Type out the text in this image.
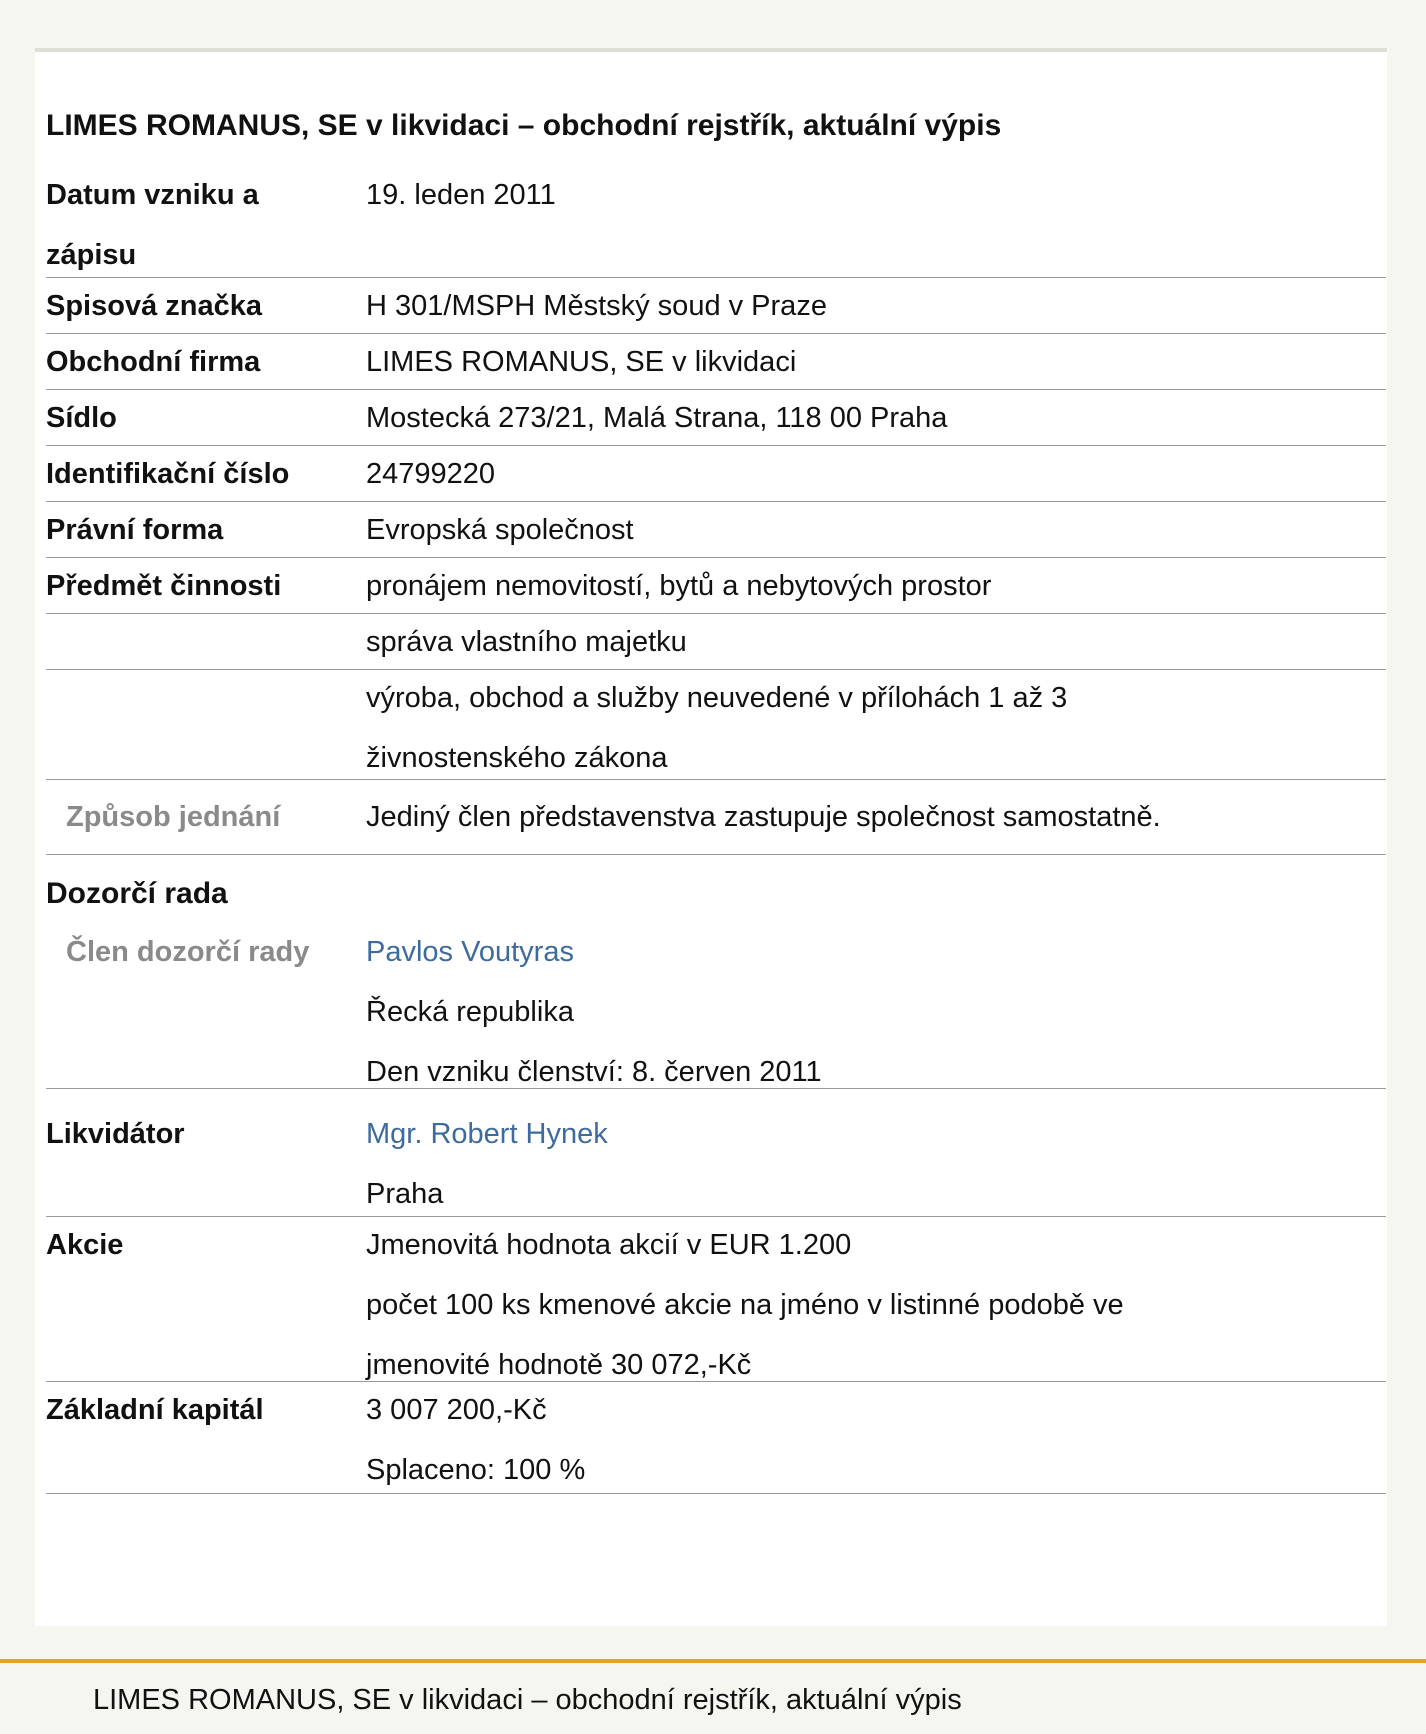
LIMES ROMANUS, SE v likvidaci – obchodní rejstřík, aktuální výpis
Datum vzniku a zápisu
19. leden 2011
Spisová značka	H 301/MSPH Městský soud v Praze
Obchodní firma	LIMES ROMANUS, SE v likvidaci
Sídlo	Mostecká 273/21, Malá Strana, 118 00 Praha
Identifikační číslo	24799220
Právní forma	Evropská společnost
Předmět činnosti	pronájem nemovitostí, bytů a nebytových prostor
správa vlastního majetku
výroba, obchod a služby neuvedené v přílohách 1 až 3 živnostenského zákona
Způsob jednání	Jediný člen představenstva zastupuje společnost samostatně.
Dozorčí rada
Člen dozorčí rady	Pavlos Voutyras
Řecká republika
Den vzniku členství: 8. červen 2011
Likvidátor	Mgr. Robert Hynek
Praha
Akcie	Jmenovitá hodnota akcií v EUR 1.200
počet 100 ks kmenové akcie na jméno v listinné podobě ve jmenovité hodnotě 30 072,-Kč
Základní kapitál	3 007 200,-Kč
Splaceno: 100 %
LIMES ROMANUS, SE v likvidaci – obchodní rejstřík, aktuální výpis
